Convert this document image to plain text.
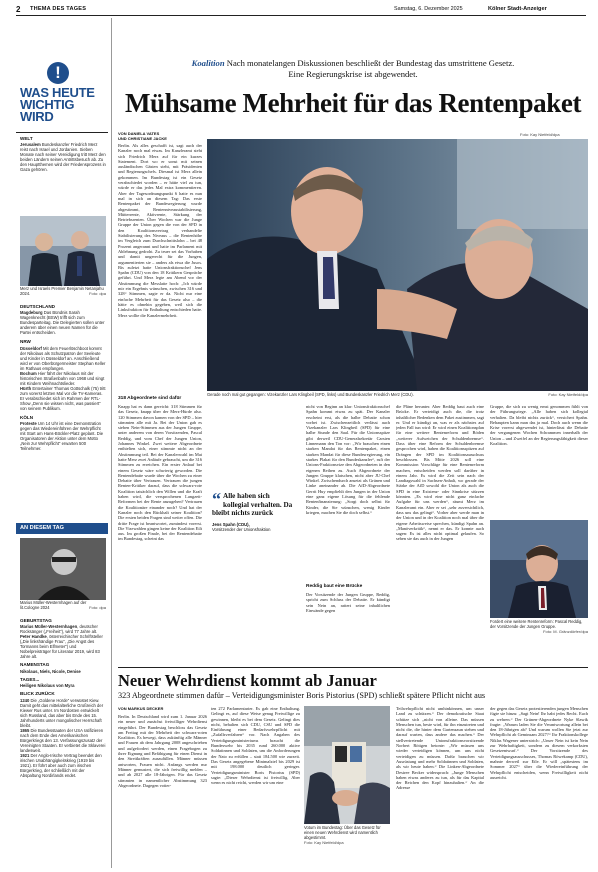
2 THEMA DES TAGES	Samstag, 6. Dezember 2025	Kölner Stadt-Anzeiger
!
WAS HEUTE
WICHTIG
WIRD
WELT
Jerusalem Bundeskanzler Friedrich Merz reist nach Israel und Jordanien. Sieben Monate nach seiner Vereidigung tritt Merz den beiden Ländern seinen Antrittsbesuch ab. Zu den Hauptthemen wird der Friedensprozess in Gaza gehören.
Merz und Israels Premier Benjamin Netanjahu 2024.	Foto: dpa
DEUTSCHLAND
Magdeburg Das Bündnis Sarah Wagenknecht (BSW) trifft sich zum Bundesparteitag. Die Delegierten sollen unter anderem über einen neuen Namen für die Partei entscheiden.
NRW
Düsseldorf Mit dem Feuerlöschboot kommt der Nikolaus als Schutzpatron der Seeleute und Kinder in Düsseldorf an. Anschließend wird er von Oberbürgermeister Stephan Keller im Rathaus empfangen.
Bochum Hier fährt der Nikolaus mit der historischen Straßenbahn von 1968 und singt mit Kindern Weihnachtslieder.
Hürth Entertainer Thomas Gottschalk (75) tritt zum vorerst letzten Mal vor die TV-Kameras. Er verabschiedet sich im Rahmen der RTL-Show „Denn sie wissen nicht, was passiert“ von seinem Publikum.
KÖLN
Proteste Um 14 Uhr ist eine Demonstration gegen das Wiedereinführen der Wehrpflicht mit Start am Hans-Böckler-Platz geplant. Die Organisatoren der Aktion unter dem Motto „Nein zur Wehrpflicht“ erwarten 500 Teilnehmer.
AN DIESEM TAG
Marius Müller-Westernhagen auf der lit.Cologne 2024	Foto: dpa
GEBURTSTAG
Marius Müller-Westernhagen, deutscher Rocksänger („Freiheit“), wird 77 Jahre alt.
Peter Handke, österreichischer Schriftsteller („Die linkshändige Frau“, „Die Angst des Tormanns beim Elfmeter“) und Nobelpreisträger für Literatur 2019, wird 83 Jahre alt.
NAMENSTAG
Nikolaus, Niels, Nicole, Denise
TAGES...
Heiligen Nikolaus von Myra
BLICK ZURÜCK
1240 Die „Goldene Horde“ verwüstet Kiew. Damit geht das mittelalterliche Großreich der Kiewer Rus unter. Im Nordosten entwickelt sich Russland, das aber bis Ende des 15. Jahrhunderts unter mongolischer Herrschaft bleibt.
1865 Die Bundesstaaten der USA ratifizieren nach dem Ende des Amerikanischen Bürgerkriegs den 13. Verfassungszusatz der Vereinigten Staaten. Er verbietet die Sklaverei landesweit.
1921 Der Anglo-Irische Vertrag beendet den irischen Unabhängigkeitskrieg (1919 bis 1921). Er führt aber auch zum irischen Bürgerkrieg, der schließlich mit der Abspaltung Nordirlands endet.
Koalition Nach monatelangen Diskussionen beschließt der Bundestag das umstrittene Gesetz.
Eine Regierungskrise ist abgewendet.
Mühsame Mehrheit für das Rentenpaket
VON DANIELA VATES
UND CHRISTIANE JACKE
Berlin. Als alles geschafft ist, sagt auch der Kanzler noch mal etwas. Im Kanzleramt steht sich Friedrich Merz auf für ein kurzes Statement. Dort wo er sonst mit seinen ausländischen Gästen steht, mit Präsidenten und Regierungschefs. Diesmal ist Merz allein gekommen. Im Bundestag ist ein Gesetz verabschiedet worden – er hätte viel zu tun, würde er das jedes Mal extra kommentieren. Aber der Tagesordnungspunkt 6 hatte es nun mal in sich an diesem Tag: Das erste Rentenpaket der Bundesregierung wurde abgestimmt, Rentenniveaustabilisierung, Mütterrente, Aktivrente, Stärkung der Betriebsrenten. Über Wochen war die Junge Gruppe der Union gegen die von der SPD in den Koalitionsvertrag verhandelte Stabilisierung des Niveaus – die Rentenhöhe im Vergleich zum Durchschnittslohn – bei 48 Prozent angerannt und hatte im Parlament mit Ablehnung gedroht. Zu teuer sei das Vorhaben und damit ungerecht für die Jungen, argumentierten sie – anders als etwa die Jusos. Bis zuletzt hatte Unionsfraktionschef Jens Spahn (CDU) von den 18 Kritikern Gespräche geführt. Und Merz legte am Abend vor der Abstimmung die Messlatte hoch: „Ich würde mir ein Ergebnis wünschen, zwischen 316 und 328“ Stimmen, sagte er da. Nicht nur eine einfache Mehrheit für das Gesetz also – die hätte es ohnehin gegeben, weil sich die Linksfraktion für Enthaltung entschieden hatte. Merz wollte die Kanzlermehrheit.
318 Abgeordnete sind dafür
Knapp hat es dann gereicht: 318 Stimmen für das Gesetz, knapp über der Merz-Hürde also. 120 Stimmen davon kamen von der SPD – hier stimmten alle mit Ja. Bei der Union gab es sieben Nein-Stimmen aus der Jungen Gruppe, unter anderem von deren Vorsitzenden, Pascal Reddig, und vom Chef der Jungen Union, Johannes Winkel. Zwei weitere Abgeordnete enthielten sich, einer stimmte nicht an der Abstimmung teil. Bei der Kanzlerwahl im Mai hatte Merz zwei Anläufe gebraucht, um die 316 Stimmen zu erreichen. Ein erster Anlauf bei einem Gesetz wäre schwierig geworden. Die Rentendebatte wurde über die Wochen zu einer Debatte über Vertrauen. Vertrauen die jungen Renten-Kritiker darauf, dass die schwarz-rote Koalition tatsächlich den Willen und die Kraft haben wird, die versprochenen Langzeit-Reformen bei der Rente anzugehen? Vertrauen die Koalitionäre einander noch? Und hat der Kanzler noch den Rückhalt seiner Koalition? Die ersten beiden Fragen sind weiter offen. Die dritte Frage ist beantwortet, zumindest vorerst. Die Vizewahlen gingen keine der Koalition Eilt aus. Im großen Finale, bei der Rentendebatte im Bundestag, scheint das
Foto: Kay Nietfeld/dpa
Gerade noch mal gut gegangen: Vizekanzler Lars Klingbeil (SPD, links) und Bundeskanzler Friedrich Merz (CDU).	Foto: Kay Nietfeld/dpa
“ Alle haben sich kollegial verhalten. Da bleibt nichts zurück
Jens Spahn (CDU),
Vorsitzender der Unionsfraktion
nicht von Beginn an klar: Unionsfraktionschef Spahn kommt etwas zu spät. Der Kanzler erscheint erst, als die halbe Debatte schon vorbei ist. Zwischenzeitlich verlässt auch Vizekanzler Lars Klingbeil (SPD) für eine halbe Stunde den Saal. Für die Unionsspitze gibt derweil CDU-Generalsekretär Carsten Linnemann den Ton vor: „Wir brauchen einen starken Mandat für das Rentenpaket, einen starken Mandat für diese Bundesregierung, ein starkes Plakat für den Bundeskanzler“, ruft der Unions-Fraktionsvize den Abgeordneten in den eigenen Reihen zu. Auch Abgeordnete der Jungen Gruppe klatschen, nicht aber JU-Chef Winkel. Zwischendurch ansetzt als Grünen und Linke aneinander ab. Die AfD-Abgeordnete Gerrit Huy empfiehlt den Jungen in der Union eine ganz eigene Lösung für die fehlende Rentenfinanzierung: „Sorgt doch selbst für Kinder, die Sie wünschen, wenig Kinder kriegen, machen Sie die doch selbst.“
Reddig baut eine Brücke
Der Vorsitzende der Jungen Gruppe, Reddig, spricht zum Schluss der Debatte. Er kündigt sein Nein an, rattert seine inhaltlichen Einwände gegen
die Pläne herunter. Aber Reddig baut auch eine Brücke. Er verteidigt auch die, die trotz inhaltlicher Bedenken dem Paket zustimmen, sagt er. Und er kündigt an, was er als nächstes auf jeden Fall tun wird: Er wird einen Koalitionsplan für eine weitere Rentenreform und Böden „weiterer Aufweichen der Schuldenbremse“. Dass über eine Reform der Schuldenbremse gesprochen wird, haben die Koalitionsspitzen auf Drängen der SPD im Koalitionsausschuss beschlossen. Bis Mitte 2026 soll eine Kommission Vorschläge für eine Rentenreform machen, entscheiden werden soll darüber in einem Jahr. Es wird die Zeit sein nach der Landtagswahl in Sachsen-Anhalt, wo gerade der Stärke der AfD sowohl die Union als auch die SPD in eine Existenz- oder Sinnkrise stürzen könnten. „Es wird eine nicht ganz einfache Aufgabe für uns werden“, räumt Merz im Kanzleramt ein. Aber er sei „sehr zuversichtlich, dass uns das gelingt“. Vorher aber werde man in der Union und in der Koalition noch mal über die eigene Arbeitsweise sprechen, kündigt Spahn an. „Manöverkritik“, nennt er das. Er konnte auch sagen: Es ist alles nicht optimal gelaufen. So sehen sie das auch in der Jungen
Gruppe, die sich zu wenig ernst genommen fühlt von der Führungsriege. „Alle haben sich kollegial verhalten. Da bleibt nichts zurück“, versichert Spahn. Behaupten kann man das ja mal. Doch auch wenn die Krise vorerst abgewendet ist, hinterlässt die Debatte der vergangenen Wochen Schrammen innerhalb der Union – und Zweifel an der Regierungsfähigkeit dieser Koalition.
Fordert eine weitere Rentenreform: Pascal Reddig, der Vorsitzende der Jungen Gruppe.
Foto: M. Gränzdörfer/dpa
Neuer Wehrdienst kommt ab Januar
323 Abgeordnete stimmen dafür – Verteidigungsminister Boris Pistorius (SPD) schließt spätere Pflicht nicht aus
VON MARKUS DECKER
Berlin. In Deutschland wird zum 1. Januar 2026 ein neuer und zunächst freiwilliger Wehrdienst eingeführt. Der Bundestag beschloss das Gesetz am Freitag mit der Mehrheit der schwarz-roten Koalition. Es bewegt, dass zukünftig alle Männer und Frauen ab dem Jahrgang 2008 angeschrieben und aufgefordert werden, einen Fragebogen zu ihrer Eignung und Befähigung für einen Dienst in den Streitkräften auszufüllen. Männer müssen antworten, Frauen nicht. Anfangs werden nur Männer gemustert, die sich freiwillig melden – und ab 2027 alle 18-Jährigen. Für das Gesetz stimmten in namentlicher Abstimmung 323 Abgeordnete. Dagegen votier-
ten 272 Parlamentarier. Es gab eine Enthaltung. Gelingt es, auf diese Weise genug Freiwillige zu gewinnen, bleibt es bei dem Gesetz. Gelingt dies nicht, behalten sich CDU, CSU und SPD die Einführung einer Bedarfswehrpflicht mit „Zufallsverfahren“ vor. Nach Angaben des Verteidigungsministeriums braucht die Bundeswehr bis 2035 rund 260.000 aktive Soldatinnen und Soldaten, um die Anforderungen der Nato zu erfüllen – statt 184.500 wie zurzeit. Das Gesetz angegebene Minimalziel bis 2029 ist mit 198.000 deutlich geringer. Verteidigungsminister Boris Pistorius (SPD) sagte: „Dieser Wehrdienst ist freiwillig. Aber wenn es nicht reicht, werden wir um eine
Votum im Bundestag: Über das Gesetz für einen neuen Wehrdienst wird namentlich abgestimmt.
Foto: Kay Nietfeld/dpa
Teilwehrpflicht nicht umhinkönnen, um unser Land zu schützen.“ Der demokratische Staat schütze sich „nicht von alleine. Das müssen Menschen tun, beste wird, für ihn einzutreten und nicht die, die hinter dem Gartenzaun stehen und darauf warten, dass andere das machen.“ Der stellvertretende Unionsfraktionsvorsitzende Norbert Röttgen betonte: „Wir müssen uns wieder verteidigen können, um uns nicht verteidigen zu müssen. Dafür brauchen wir Ausrüstung und mehr Soldatinnen und Soldaten, als wir heute haben.“ Die Linken-Abgeordnete Desiree Becker widersprach: „Junge Menschen haben etwas anderes zu tun, als für das Kapital der Reichen den Kopf hinzuhalten.“ An die Adresse
der gegen das Gesetz protestierenden jungen Menschen fügte sie hinzu: „Sagt Nein! Ihr habt jedes Recht. Euch zu wehren.“ Der Grünen-Abgeordnete Nyke Slawik fragte: „Warum laden Sie die Verantwortung allein bei den 18-Jährigen ab? Und warum wollen Sie jetzt zur Wehrpflicht ab Geminsam 2027?“ Ihr Fraktionskollege Niklas Wagener unterstrich: „Unser Nein ist kein Nein zur Wehrhaftigkeit, sondern zu diesem verkorksten Gesetzentwurf.“ Der Vorsitzende des Verteidigungsausschusses, Thomas Röwekamp (CDU), mahnte derweil zur Eile. Er will „spätestens im Sommer 2027“ über die Wiedereinführung der Wehrpflicht entscheiden, wenn Freiwilligkeit nicht ausreicht.
